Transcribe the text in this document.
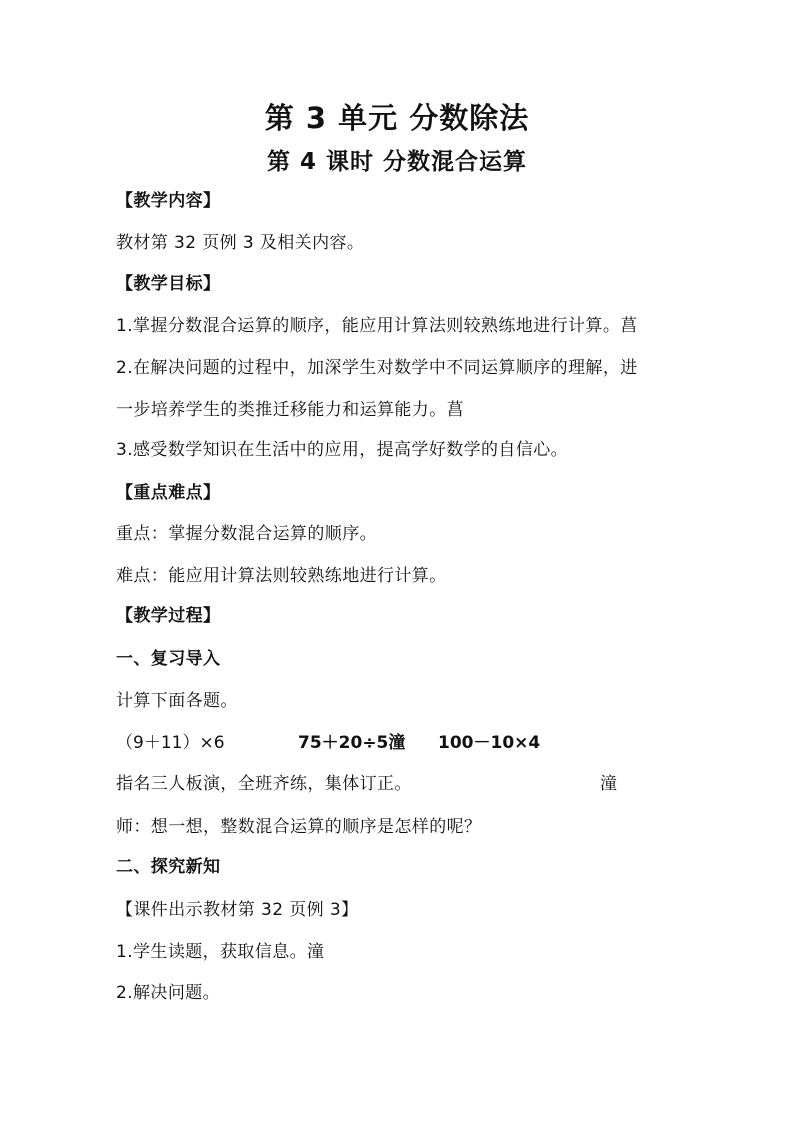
第 3 单元 分数除法
第 4 课时 分数混合运算
【教学内容】
教材第 32 页例 3 及相关内容。
【教学目标】
1.掌握分数混合运算的顺序，能应用计算法则较熟练地进行计算。菖
2.在解决问题的过程中，加深学生对数学中不同运算顺序的理解，进
一步培养学生的类推迁移能力和运算能力。菖
3.感受数学知识在生活中的应用，提高学好数学的自信心。
【重点难点】
重点：掌握分数混合运算的顺序。
难点：能应用计算法则较熟练地进行计算。
【教学过程】
一、复习导入
计算下面各题。
（9＋11）×6	75＋20÷5潼 100－10×4
指名三人板演，全班齐练，集体订正。	潼
师：想一想，整数混合运算的顺序是怎样的呢？
二、探究新知
【课件出示教材第 32 页例 3】
1.学生读题，获取信息。潼
2.解决问题。
